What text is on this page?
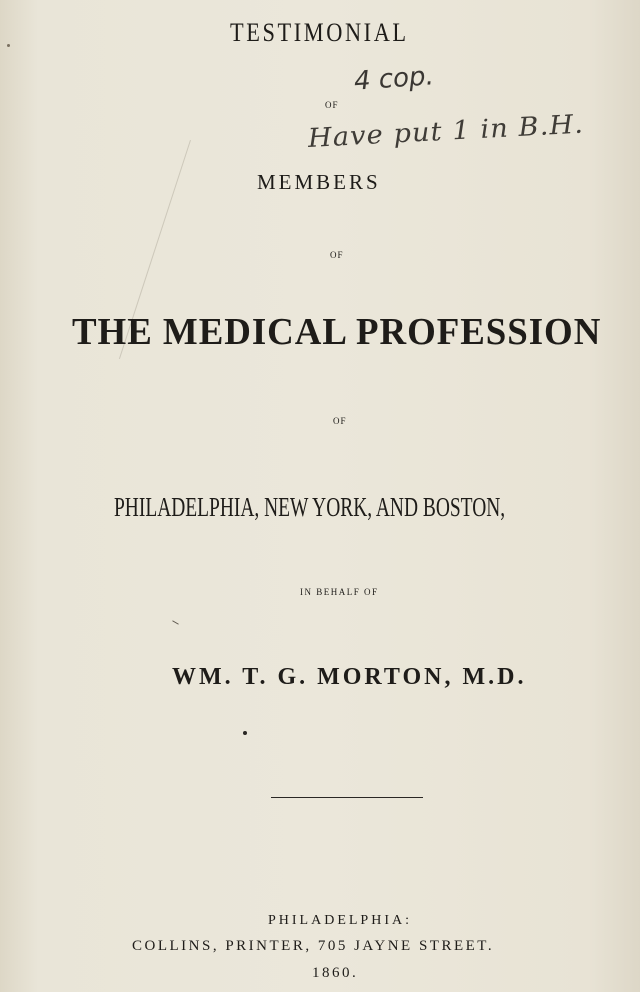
TESTIMONIAL
4 cop.
OF
Have put 1 in B.H.
MEMBERS
OF
THE MEDICAL PROFESSION
OF
PHILADELPHIA, NEW YORK, AND BOSTON,
IN BEHALF OF
WM. T. G. MORTON, M.D.
PHILADELPHIA:
COLLINS, PRINTER, 705 JAYNE STREET.
1860.
